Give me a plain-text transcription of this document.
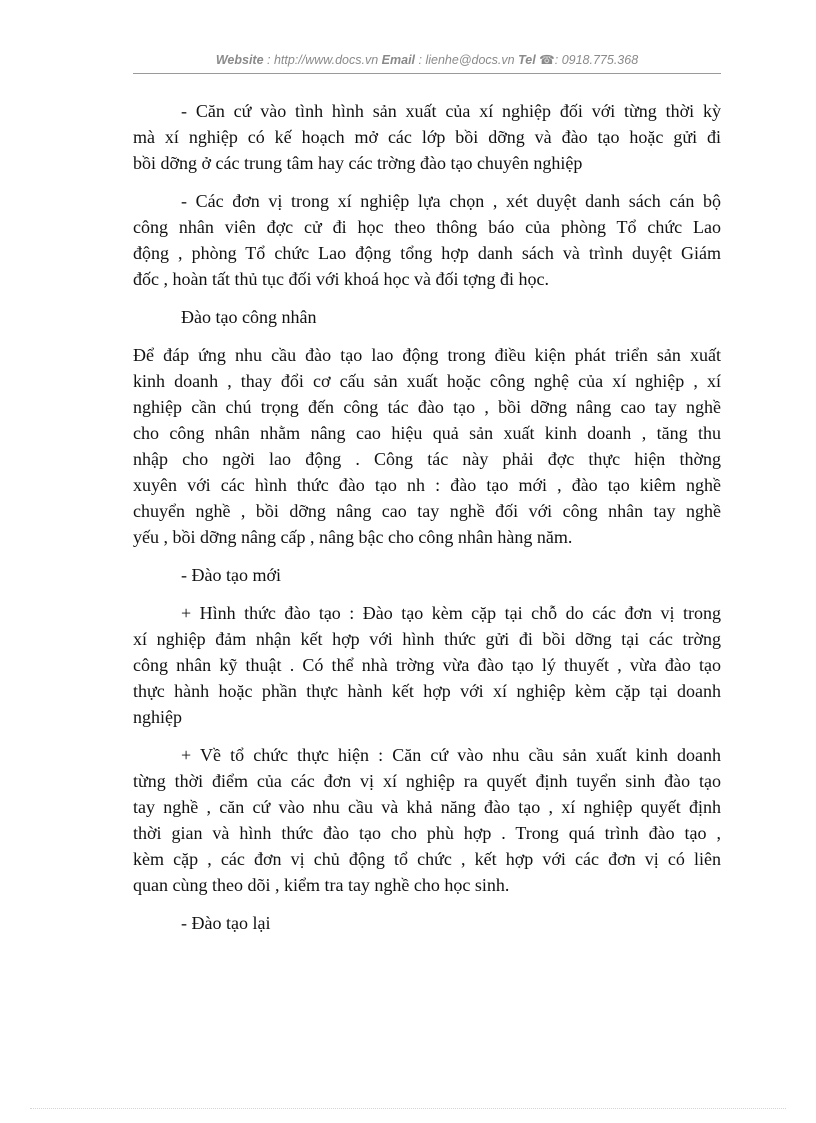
Website : http://www.docs.vn Email : lienhe@docs.vn Tel ☎: 0918.775.368
- Căn cứ vào tình hình sản xuất của xí nghiệp đối với từng thời kỳ
mà xí nghiệp có kế hoạch mở các lớp bồi dỡng và đào tạo hoặc gửi đi
bồi dỡng ở các trung tâm hay các trờng đào tạo chuyên nghiệp
- Các đơn vị trong xí nghiệp lựa chọn , xét duyệt danh sách cán bộ
công nhân viên đợc cử đi học theo thông báo của phòng Tổ chức Lao
động , phòng Tổ chức Lao động tổng hợp danh sách và trình duyệt Giám
đốc , hoàn tất thủ tục đối với khoá học và đối tợng đi học.
Đào tạo công nhân
Để đáp ứng nhu cầu đào tạo lao động trong điều kiện phát triển sản xuất
kinh doanh , thay đổi cơ cấu sản xuất hoặc công nghệ của xí nghiệp , xí
nghiệp cần chú trọng đến công tác đào tạo , bồi dỡng nâng cao tay nghề
cho công nhân nhằm nâng cao hiệu quả sản xuất kinh doanh , tăng thu
nhập cho ngời lao động . Công tác này phải đợc thực hiện thờng
xuyên với các hình thức đào tạo nh : đào tạo mới , đào tạo kiêm nghề
chuyển nghề , bồi dỡng nâng cao tay nghề đối với công nhân tay nghề
yếu , bồi dỡng nâng cấp , nâng bậc cho công nhân hàng năm.
- Đào tạo mới
+ Hình thức đào tạo : Đào tạo kèm cặp tại chỗ do các đơn vị trong
xí nghiệp đảm nhận kết hợp với hình thức gửi đi bồi dỡng tại các trờng
công nhân kỹ thuật . Có thể nhà trờng vừa đào tạo lý thuyết , vừa đào tạo
thực hành hoặc phần thực hành kết hợp với xí nghiệp kèm cặp tại doanh
nghiệp
+ Về tổ chức thực hiện : Căn cứ vào nhu cầu sản xuất kinh doanh
từng thời điểm của các đơn vị xí nghiệp ra quyết định tuyển sinh đào tạo
tay nghề , căn cứ vào nhu cầu và khả năng đào tạo , xí nghiệp quyết định
thời gian và hình thức đào tạo cho phù hợp . Trong quá trình đào tạo ,
kèm cặp , các đơn vị chủ động tổ chức , kết hợp với các đơn vị có liên
quan cùng theo dõi , kiểm tra tay nghề cho học sinh.
- Đào tạo lại
